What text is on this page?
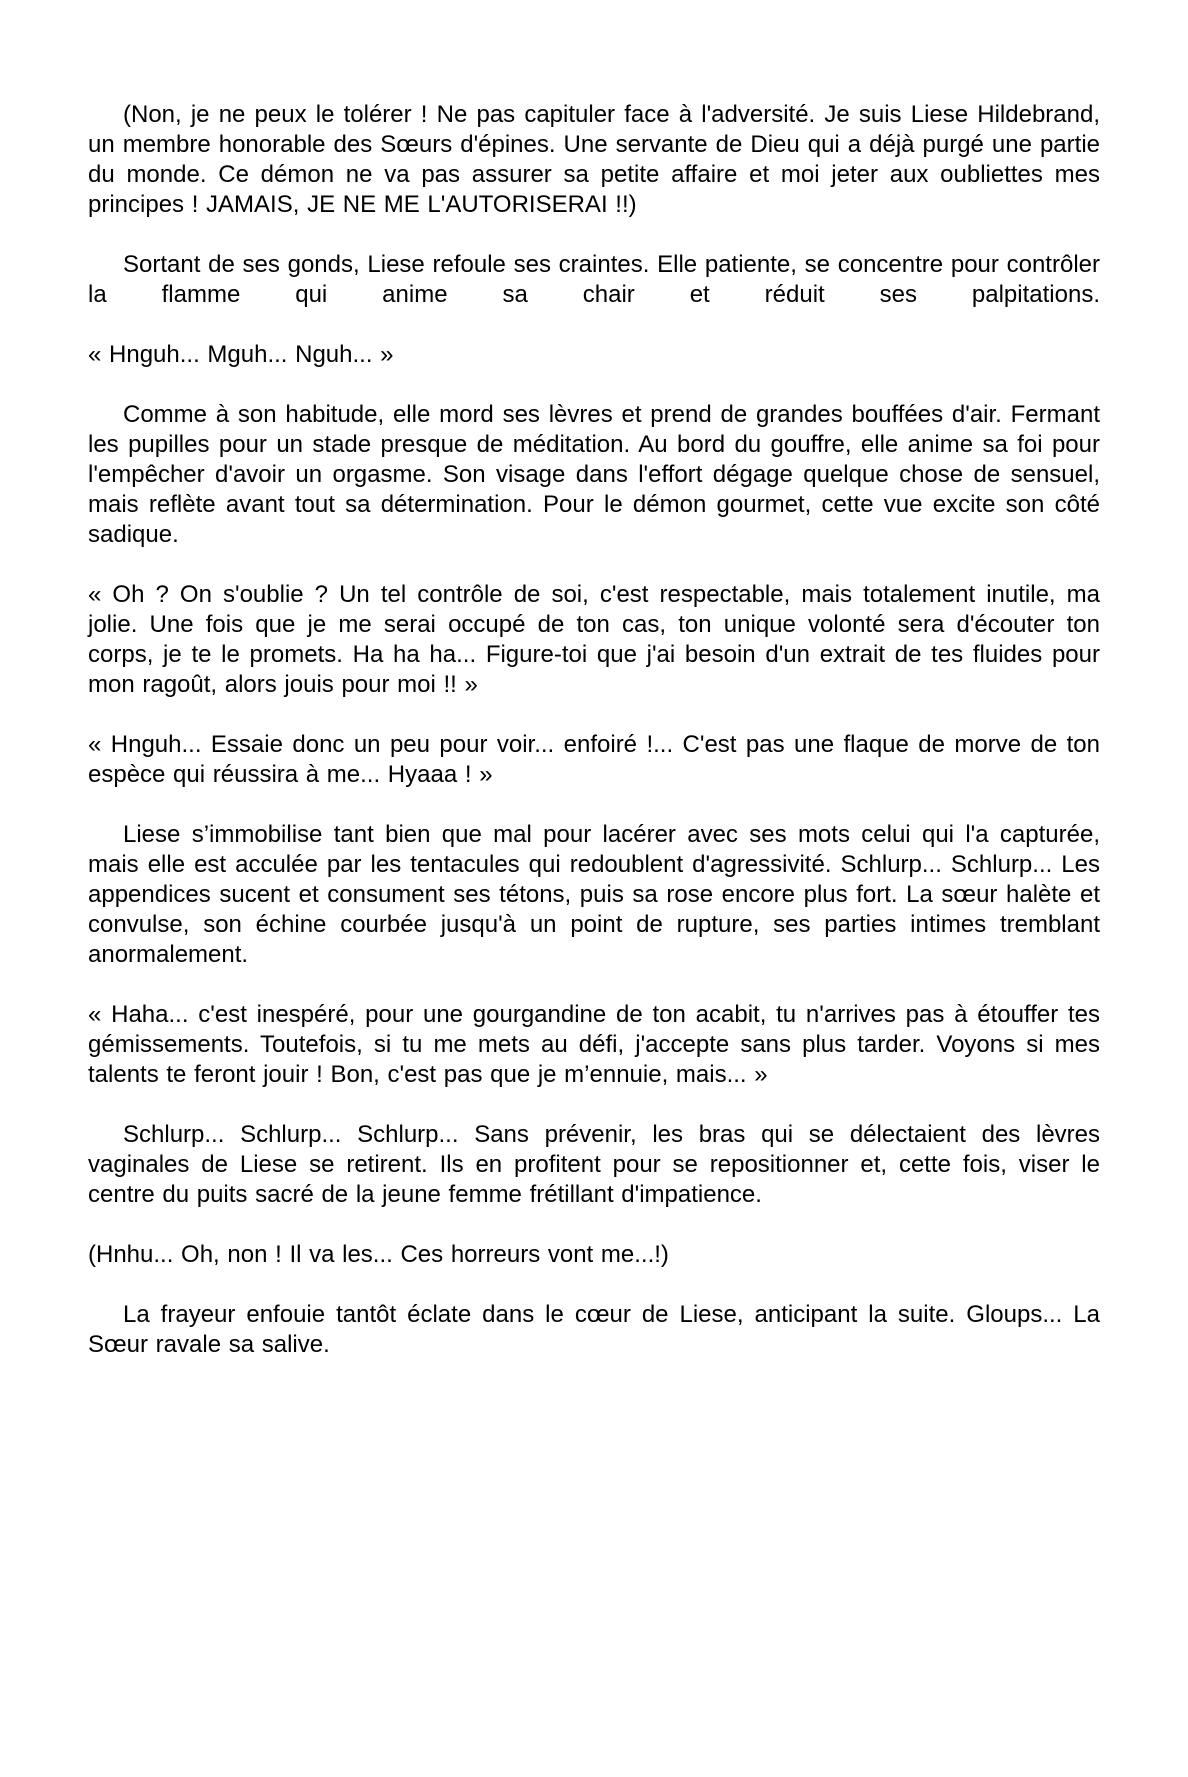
(Non, je ne peux le tolérer ! Ne pas capituler face à l'adversité. Je suis Liese Hildebrand, un membre honorable des Sœurs d'épines. Une servante de Dieu qui a déjà purgé une partie du monde. Ce démon ne va pas assurer sa petite affaire et moi jeter aux oubliettes mes principes ! JAMAIS, JE NE ME L'AUTORISERAI !!)

Sortant de ses gonds, Liese refoule ses craintes. Elle patiente, se concentre pour contrôler la flamme qui anime sa chair et réduit ses palpitations.

« Hnguh... Mguh... Nguh... »

Comme à son habitude, elle mord ses lèvres et prend de grandes bouffées d'air. Fermant les pupilles pour un stade presque de méditation. Au bord du gouffre, elle anime sa foi pour l'empêcher d'avoir un orgasme. Son visage dans l'effort dégage quelque chose de sensuel, mais reflète avant tout sa détermination. Pour le démon gourmet, cette vue excite son côté sadique.

« Oh ? On s'oublie ? Un tel contrôle de soi, c'est respectable, mais totalement inutile, ma jolie. Une fois que je me serai occupé de ton cas, ton unique volonté sera d'écouter ton corps, je te le promets. Ha ha ha... Figure-toi que j'ai besoin d'un extrait de tes fluides pour mon ragoût, alors jouis pour moi !! »

« Hnguh... Essaie donc un peu pour voir... enfoiré !... C'est pas une flaque de morve de ton espèce qui réussira à me... Hyaaa ! »

Liese s’immobilise tant bien que mal pour lacérer avec ses mots celui qui l'a capturée, mais elle est acculée par les tentacules qui redoublent d'agressivité. Schlurp... Schlurp... Les appendices sucent et consument ses tétons, puis sa rose encore plus fort. La sœur halète et convulse, son échine courbée jusqu'à un point de rupture, ses parties intimes tremblant anormalement.

« Haha... c'est inespéré, pour une gourgandine de ton acabit, tu n'arrives pas à étouffer tes gémissements. Toutefois, si tu me mets au défi, j'accepte sans plus tarder. Voyons si mes talents te feront jouir ! Bon, c'est pas que je m’ennuie, mais... »

Schlurp... Schlurp... Schlurp... Sans prévenir, les bras qui se délectaient des lèvres vaginales de Liese se retirent. Ils en profitent pour se repositionner et, cette fois, viser le centre du puits sacré de la jeune femme frétillant d'impatience.

(Hnhu... Oh, non ! Il va les... Ces horreurs vont me...!)

La frayeur enfouie tantôt éclate dans le cœur de Liese, anticipant la suite. Gloups... La Sœur ravale sa salive.
